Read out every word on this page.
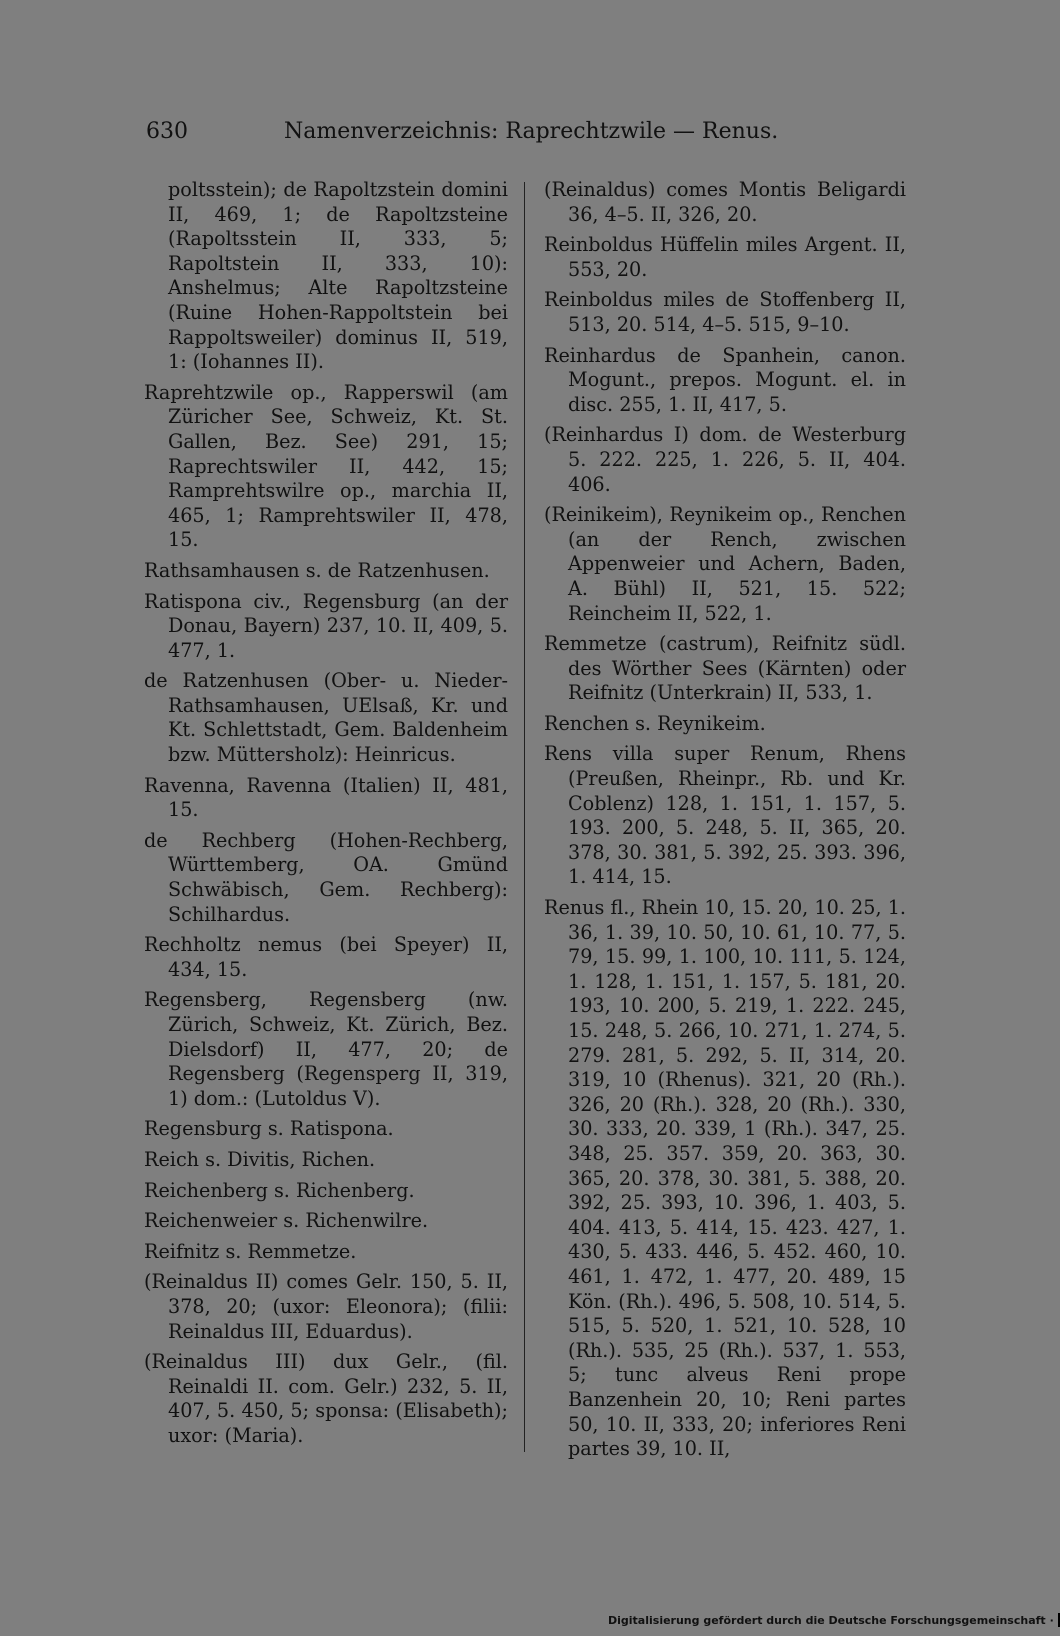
630	Namenverzeichnis: Raprechtzwile — Renus.

poltsstein); de Rapoltzstein domini II, 469, 1; de Rapoltzsteine (Rapoltsstein II, 333, 5; Rapoltstein II, 333, 10): Anshelmus; Alte Rapoltzsteine (Ruine Hohen-Rappoltstein bei Rappoltsweiler) dominus II, 519, 1: (Iohannes II).

Raprehtzwile op., Rapperswil (am Züricher See, Schweiz, Kt. St. Gallen, Bez. See) 291, 15; Raprechtswiler II, 442, 15; Ramprehtswilre op., marchia II, 465, 1; Ramprehtswiler II, 478, 15.

Rathsamhausen s. de Ratzenhusen.

Ratispona civ., Regensburg (an der Donau, Bayern) 237, 10. II, 409, 5. 477, 1.

de Ratzenhusen (Ober- u. Nieder-Rathsamhausen, UElsaß, Kr. und Kt. Schlettstadt, Gem. Baldenheim bzw. Müttersholz): Heinricus.

Ravenna, Ravenna (Italien) II, 481, 15.

de Rechberg (Hohen-Rechberg, Württemberg, OA. Gmünd Schwäbisch, Gem. Rechberg): Schilhardus.

Rechholtz nemus (bei Speyer) II, 434, 15.

Regensberg, Regensberg (nw. Zürich, Schweiz, Kt. Zürich, Bez. Dielsdorf) II, 477, 20; de Regensberg (Regensperg II, 319, 1) dom.: (Lutoldus V).

Regensburg s. Ratispona.

Reich s. Divitis, Richen.

Reichenberg s. Richenberg.

Reichenweier s. Richenwilre.

Reifnitz s. Remmetze.

(Reinaldus II) comes Gelr. 150, 5. II, 378, 20; (uxor: Eleonora); (filii: Reinaldus III, Eduardus).

(Reinaldus III) dux Gelr., (fil. Reinaldi II. com. Gelr.) 232, 5. II, 407, 5. 450, 5; sponsa: (Elisabeth); uxor: (Maria).

(Reinaldus) comes Montis Beligardi 36, 4–5. II, 326, 20.

Reinboldus Hüffelin miles Argent. II, 553, 20.

Reinboldus miles de Stoffenberg II, 513, 20. 514, 4–5. 515, 9–10.

Reinhardus de Spanhein, canon. Mogunt., prepos. Mogunt. el. in disc. 255, 1. II, 417, 5.

(Reinhardus I) dom. de Westerburg 5. 222. 225, 1. 226, 5. II, 404. 406.

(Reinikeim), Reynikeim op., Renchen (an der Rench, zwischen Appenweier und Achern, Baden, A. Bühl) II, 521, 15. 522; Reincheim II, 522, 1.

Remmetze (castrum), Reifnitz südl. des Wörther Sees (Kärnten) oder Reifnitz (Unterkrain) II, 533, 1.

Renchen s. Reynikeim.

Rens villa super Renum, Rhens (Preußen, Rheinpr., Rb. und Kr. Coblenz) 128, 1. 151, 1. 157, 5. 193. 200, 5. 248, 5. II, 365, 20. 378, 30. 381, 5. 392, 25. 393. 396, 1. 414, 15.

Renus fl., Rhein 10, 15. 20, 10. 25, 1. 36, 1. 39, 10. 50, 10. 61, 10. 77, 5. 79, 15. 99, 1. 100, 10. 111, 5. 124, 1. 128, 1. 151, 1. 157, 5. 181, 20. 193, 10. 200, 5. 219, 1. 222. 245, 15. 248, 5. 266, 10. 271, 1. 274, 5. 279. 281, 5. 292, 5. II, 314, 20. 319, 10 (Rhenus). 321, 20 (Rh.). 326, 20 (Rh.). 328, 20 (Rh.). 330, 30. 333, 20. 339, 1 (Rh.). 347, 25. 348, 25. 357. 359, 20. 363, 30. 365, 20. 378, 30. 381, 5. 388, 20. 392, 25. 393, 10. 396, 1. 403, 5. 404. 413, 5. 414, 15. 423. 427, 1. 430, 5. 433. 446, 5. 452. 460, 10. 461, 1. 472, 1. 477, 20. 489, 15 Kön. (Rh.). 496, 5. 508, 10. 514, 5. 515, 5. 520, 1. 521, 10. 528, 10 (Rh.). 535, 25 (Rh.). 537, 1. 553, 5; tunc alveus Reni prope Banzenhein 20, 10; Reni partes 50, 10. II, 333, 20; inferiores Reni partes 39, 10. II,

Digitalisierung gefördert durch die Deutsche Forschungsgemeinschaft ·
